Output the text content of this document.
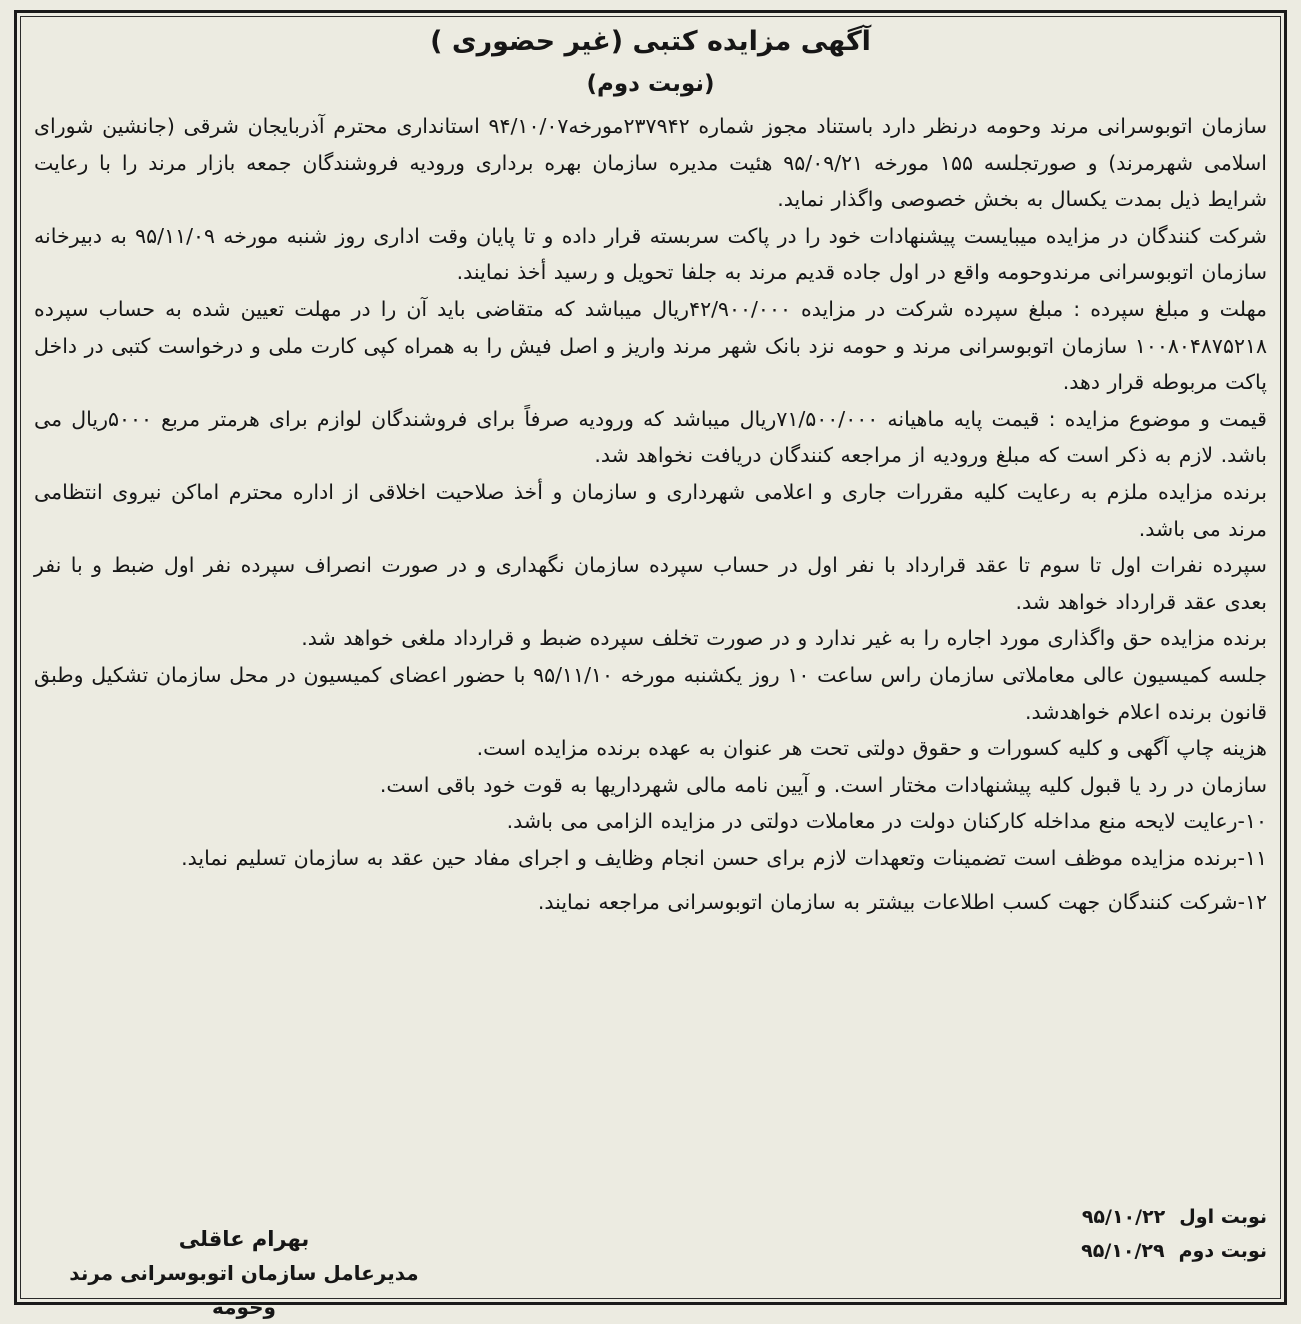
آگهی مزایده کتبی (غیر حضوری )
(نوبت دوم)

سازمان اتوبوسرانی مرند وحومه درنظر دارد باستناد مجوز شماره ۲۳۷۹۴۲مورخه۹۴/۱۰/۰۷ استانداری محترم آذربایجان شرقی (جانشین شورای اسلامی شهرمرند) و صورتجلسه ۱۵۵ مورخه ۹۵/۰۹/۲۱ هئیت مدیره سازمان بهره برداری ورودیه فروشندگان جمعه بازار مرند را با رعایت شرایط ذیل بمدت یکسال به بخش خصوصی واگذار نماید.

شرکت کنندگان در مزایده میبایست پیشنهادات خود را در پاکت سربسته قرار داده و تا پایان وقت اداری روز شنبه مورخه ۹۵/۱۱/۰۹ به دبیرخانه سازمان اتوبوسرانی مرندوحومه واقع در اول جاده قدیم مرند به جلفا تحویل و رسید أخذ نمایند.

مهلت و مبلغ سپرده : مبلغ سپرده شرکت در مزایده ۴۲/۹۰۰/۰۰۰ریال میباشد که متقاضی باید آن را در مهلت تعیین شده به حساب سپرده ۱۰۰۸۰۴۸۷۵۲۱۸ سازمان اتوبوسرانی مرند و حومه نزد بانک شهر مرند واریز و اصل فیش را به همراه کپی کارت ملی و درخواست کتبی در داخل پاکت مربوطه قرار دهد.

قیمت و موضوع مزایده : قیمت پایه ماهیانه ۷۱/۵۰۰/۰۰۰ریال میباشد که ورودیه صرفاً برای فروشندگان لوازم برای هرمتر مربع ۵۰۰۰ریال می باشد. لازم به ذکر است که مبلغ ورودیه از مراجعه کنندگان دریافت نخواهد شد.

برنده مزایده ملزم به رعایت کلیه مقررات جاری و اعلامی شهرداری و سازمان و أخذ صلاحیت اخلاقی از اداره محترم اماکن نیروی انتظامی مرند می باشد.

سپرده نفرات اول تا سوم تا عقد قرارداد با نفر اول در حساب سپرده سازمان نگهداری و در صورت انصراف سپرده نفر اول ضبط و با نفر بعدی عقد قرارداد خواهد شد.

برنده مزایده حق واگذاری مورد اجاره را به غیر ندارد و در صورت تخلف سپرده ضبط و قرارداد ملغی خواهد شد.

جلسه کمیسیون عالی معاملاتی سازمان راس ساعت ۱۰ روز یکشنبه مورخه ۹۵/۱۱/۱۰ با حضور اعضای کمیسیون در محل سازمان تشکیل وطبق قانون برنده اعلام خواهدشد.

هزینه چاپ آگهی و کلیه کسورات و حقوق دولتی تحت هر عنوان به عهده برنده مزایده است.

سازمان در رد یا قبول کلیه پیشنهادات مختار است. و آیین نامه مالی شهرداریها به قوت خود باقی است.

۱۰-رعایت لایحه منع مداخله کارکنان دولت در معاملات دولتی در مزایده الزامی می باشد.

۱۱-برنده مزایده موظف است تضمینات وتعهدات لازم برای حسن انجام وظایف و اجرای مفاد حین عقد به سازمان تسلیم نماید.

۱۲-شرکت کنندگان جهت کسب اطلاعات بیشتر به سازمان اتوبوسرانی مراجعه نمایند.

نوبت اول
۹۵/۱۰/۲۲
نوبت دوم
۹۵/۱۰/۲۹
بهرام عاقلی
مدیرعامل سازمان اتوبوسرانی مرند وحومه
